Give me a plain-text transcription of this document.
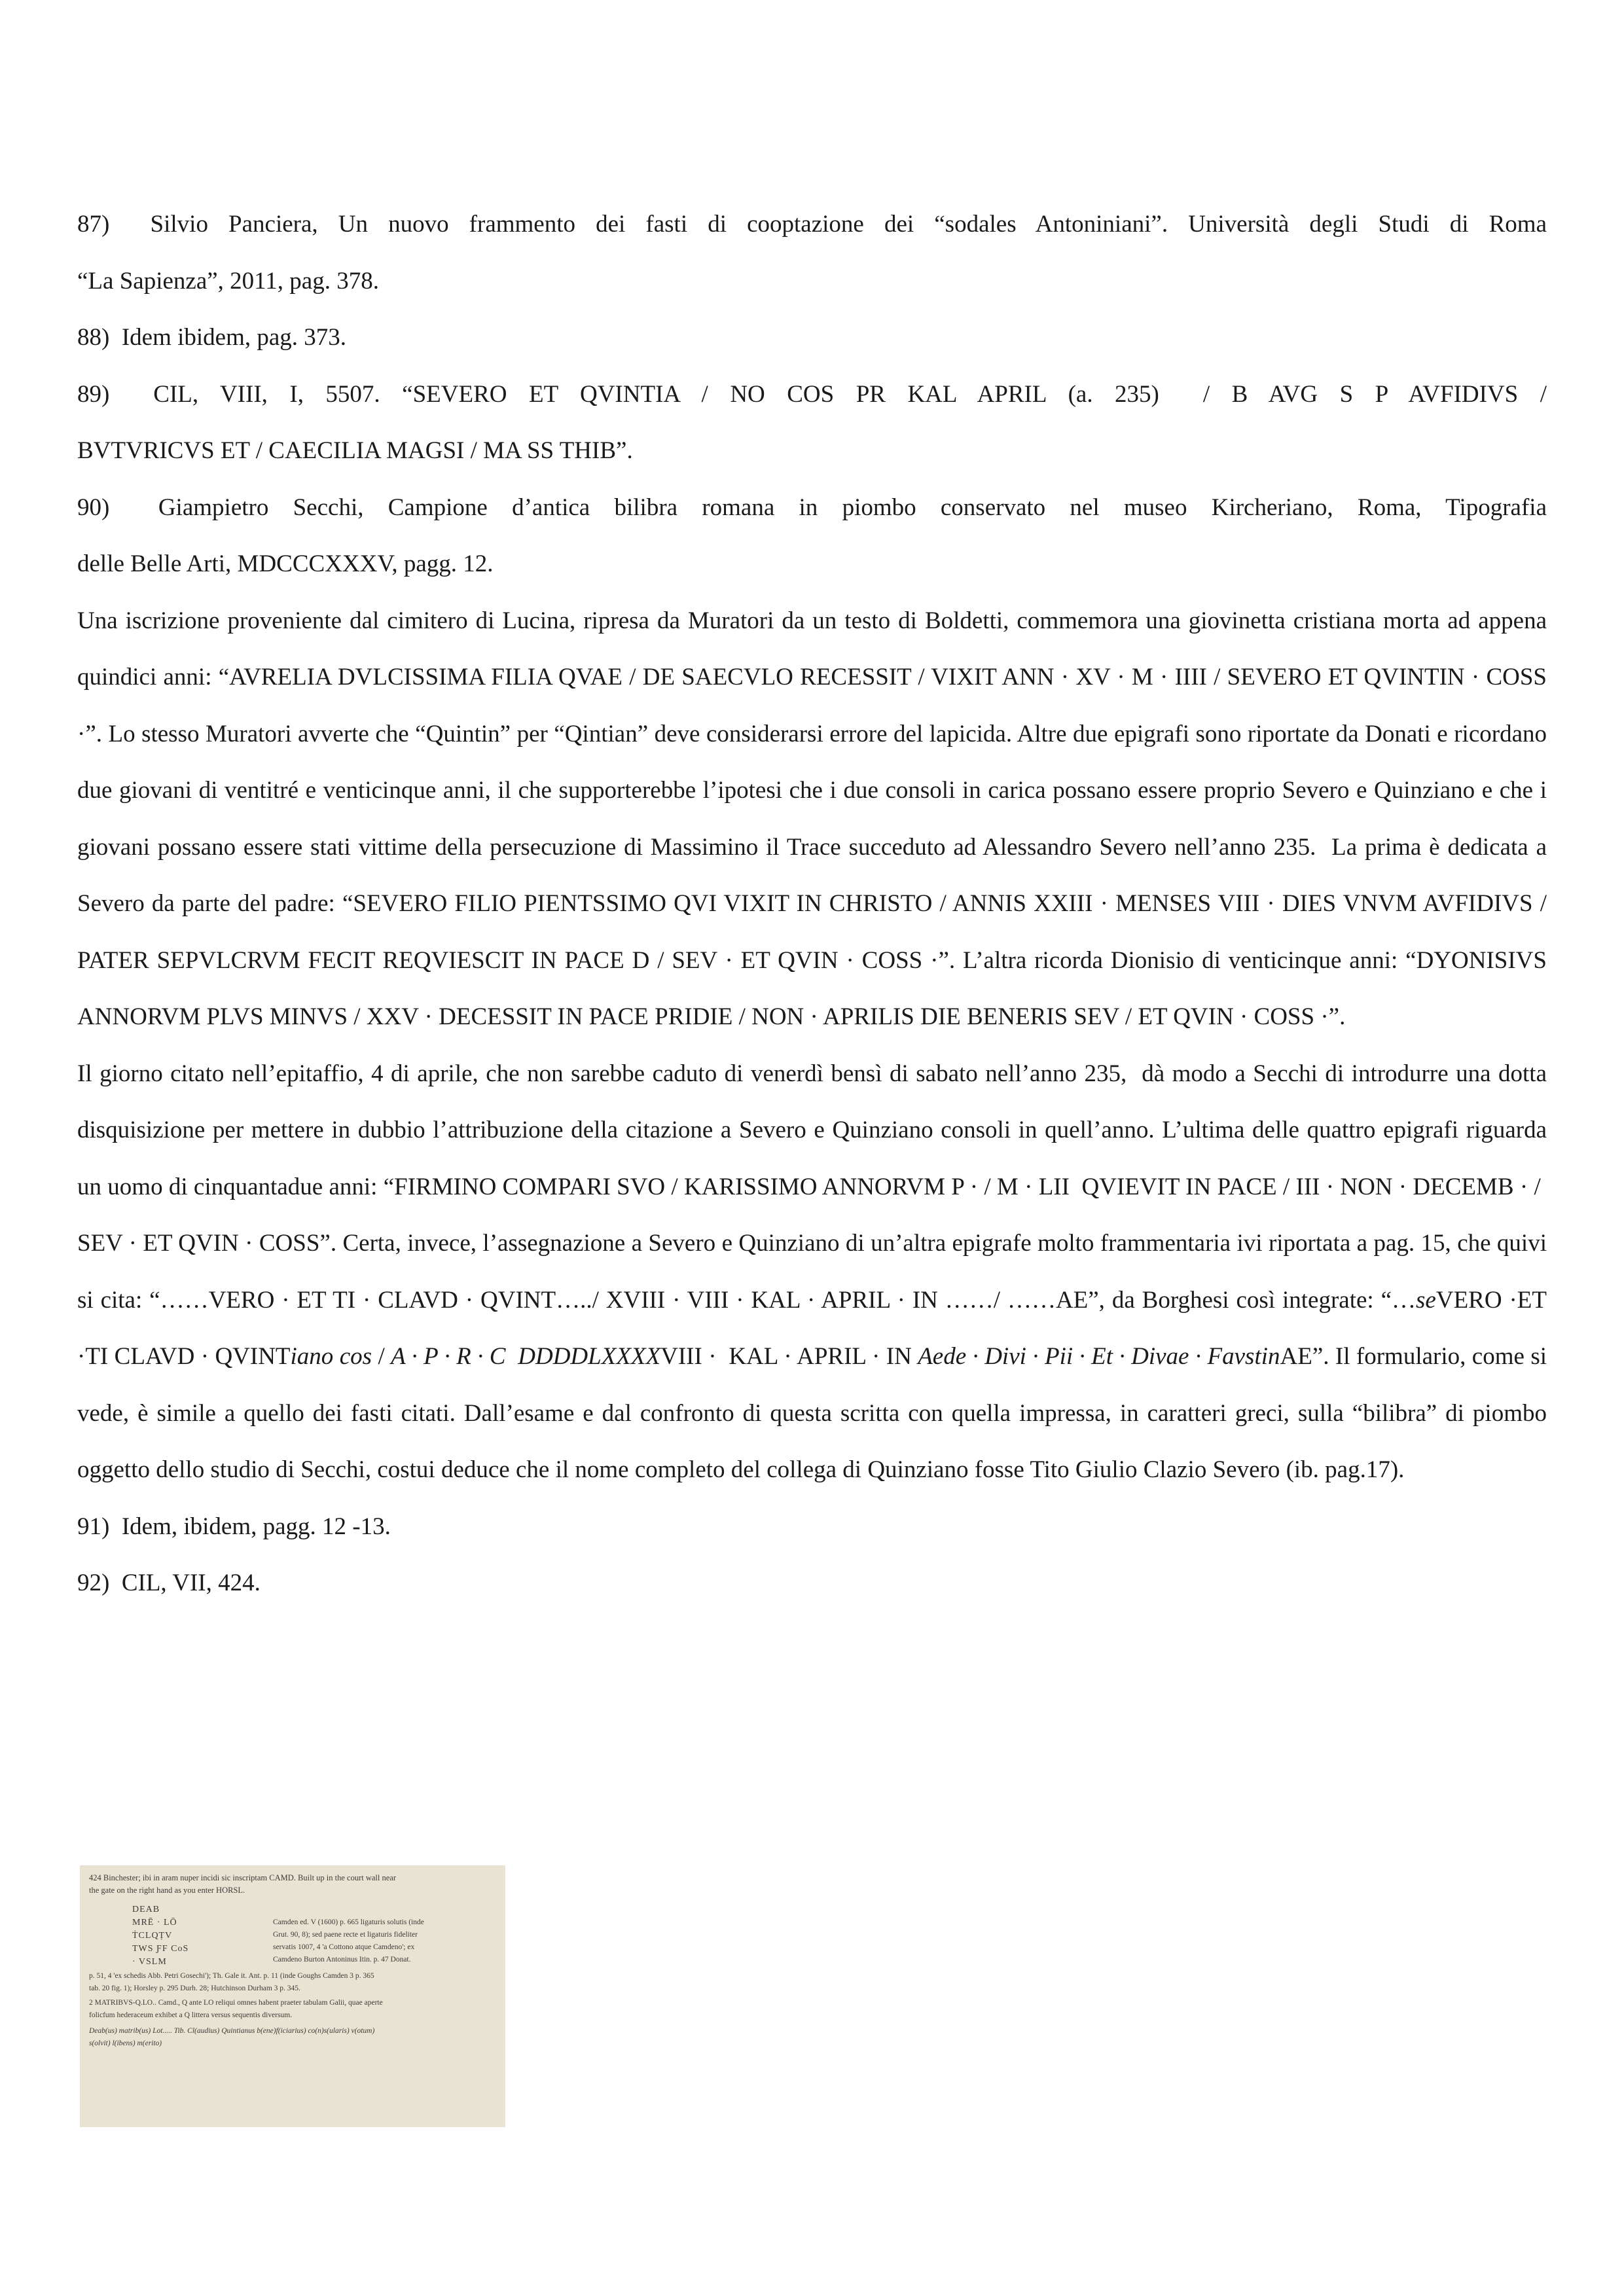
87)  Silvio Panciera, Un nuovo frammento dei fasti di cooptazione dei “sodales Antoniniani”. Università degli Studi di Roma

“La Sapienza”, 2011, pag. 378.

88)  Idem ibidem, pag. 373.

89)  CIL, VIII, I, 5507. “SEVERO ET QVINTIA / NO COS PR KAL APRIL (a. 235)  / B AVG S P AVFIDIVS /

BVTVRICVS ET / CAECILIA MAGSI / MA SS THIB”.

90)  Giampietro Secchi, Campione d’antica bilibra romana in piombo conservato nel museo Kircheriano, Roma, Tipografia

delle Belle Arti, MDCCCXXXV, pagg. 12.

Una iscrizione proveniente dal cimitero di Lucina, ripresa da Muratori da un testo di Boldetti, commemora una giovinetta cristiana morta ad appena quindici anni: “AVRELIA DVLCISSIMA FILIA QVAE / DE SAECVLO RECESSIT / VIXIT ANN · XV · M · IIII / SEVERO ET QVINTIN · COSS ·”. Lo stesso Muratori avverte che “Quintin” per “Qintian” deve considerarsi errore del lapicida. Altre due epigrafi sono riportate da Donati e ricordano due giovani di ventitré e venticinque anni, il che supporterebbe l’ipotesi che i due consoli in carica possano essere proprio Severo e Quinziano e che i giovani possano essere stati vittime della persecuzione di Massimino il Trace succeduto ad Alessandro Severo nell’anno 235.  La prima è dedicata a Severo da parte del padre: “SEVERO FILIO PIENTSSIMO QVI VIXIT IN CHRISTO / ANNIS XXIII · MENSES VIII · DIES VNVM AVFIDIVS / PATER SEPVLCRVM FECIT REQVIESCIT IN PACE D / SEV · ET QVIN · COSS ·”. L’altra ricorda Dionisio di venticinque anni: “DYONISIVS ANNORVM PLVS MINVS / XXV · DECESSIT IN PACE PRIDIE / NON · APRILIS DIE BENERIS SEV / ET QVIN · COSS ·”.

Il giorno citato nell’epitaffio, 4 di aprile, che non sarebbe caduto di venerdì bensì di sabato nell’anno 235,  dà modo a Secchi di introdurre una dotta disquisizione per mettere in dubbio l’attribuzione della citazione a Severo e Quinziano consoli in quell’anno. L’ultima delle quattro epigrafi riguarda un uomo di cinquantadue anni: “FIRMINO COMPARI SVO / KARISSIMO ANNORVM P · / M · LII  QVIEVIT IN PACE / III · NON · DECEMB · /  SEV · ET QVIN · COSS”. Certa, invece, l’assegnazione a Severo e Quinziano di un’altra epigrafe molto frammentaria ivi riportata a pag. 15, che quivi si cita: “……VERO · ET TI · CLAVD · QVINT…../ XVIII · VIII · KAL · APRIL · IN ……/ ……AE”, da Borghesi così integrate: “…seVERO ·ET ·TI CLAVD · QVINTiano cos / A · P · R · C  DDDDLXXXXVIII ·  KAL · APRIL · IN Aede · Divi · Pii · Et · Divae · FavstinAE”. Il formulario, come si vede, è simile a quello dei fasti citati. Dall’esame e dal confronto di questa scritta con quella impressa, in caratteri greci, sulla “bilibra” di piombo oggetto dello studio di Secchi, costui deduce che il nome completo del collega di Quinziano fosse Tito Giulio Clazio Severo (ib. pag.17).

91)  Idem, ibidem, pagg. 12 -13.

92)  CIL, VII, 424.

424 Binchester; ibi in aram nuper incidi sic inscriptam CAMD. Built up in the court wall near
the gate on the right hand as you enter HORSL.
DEAB
MRĒ · LŌ
ṪCLQṬV
TWS ƑF CoS
· VSLM
Camden ed. V (1600) p. 665 ligaturis solutis (inde
Grut. 90, 8); sed paene recte et ligaturis fideliter
servatis 1007, 4 'a Cottono atque Camdeno'; ex
Camdeno Burton Antoninus Itin. p. 47 Donat.
p. 51, 4 'ex schedis Abb. Petri Gosechi'); Th. Gale it. Ant. p. 11 (inde Goughs Camden 3 p. 365
tab. 20 fig. 1); Horsley p. 295 Durh. 28; Hutchinson Durham 3 p. 345.
2 MATRIBVS-Q.LO.. Camd., Q ante LO reliqui omnes habent praeter tabulam Galii, quae aperte
folicfum hederaceum exhibet a Q littera versus sequentis diversum.
Deab(us) matrib(us) Lot..... Tib. Cl(audius) Quintianus b(ene)f(iciarius) co(n)s(ularis) v(otum)
s(olvit) l(ibens) m(erito)
